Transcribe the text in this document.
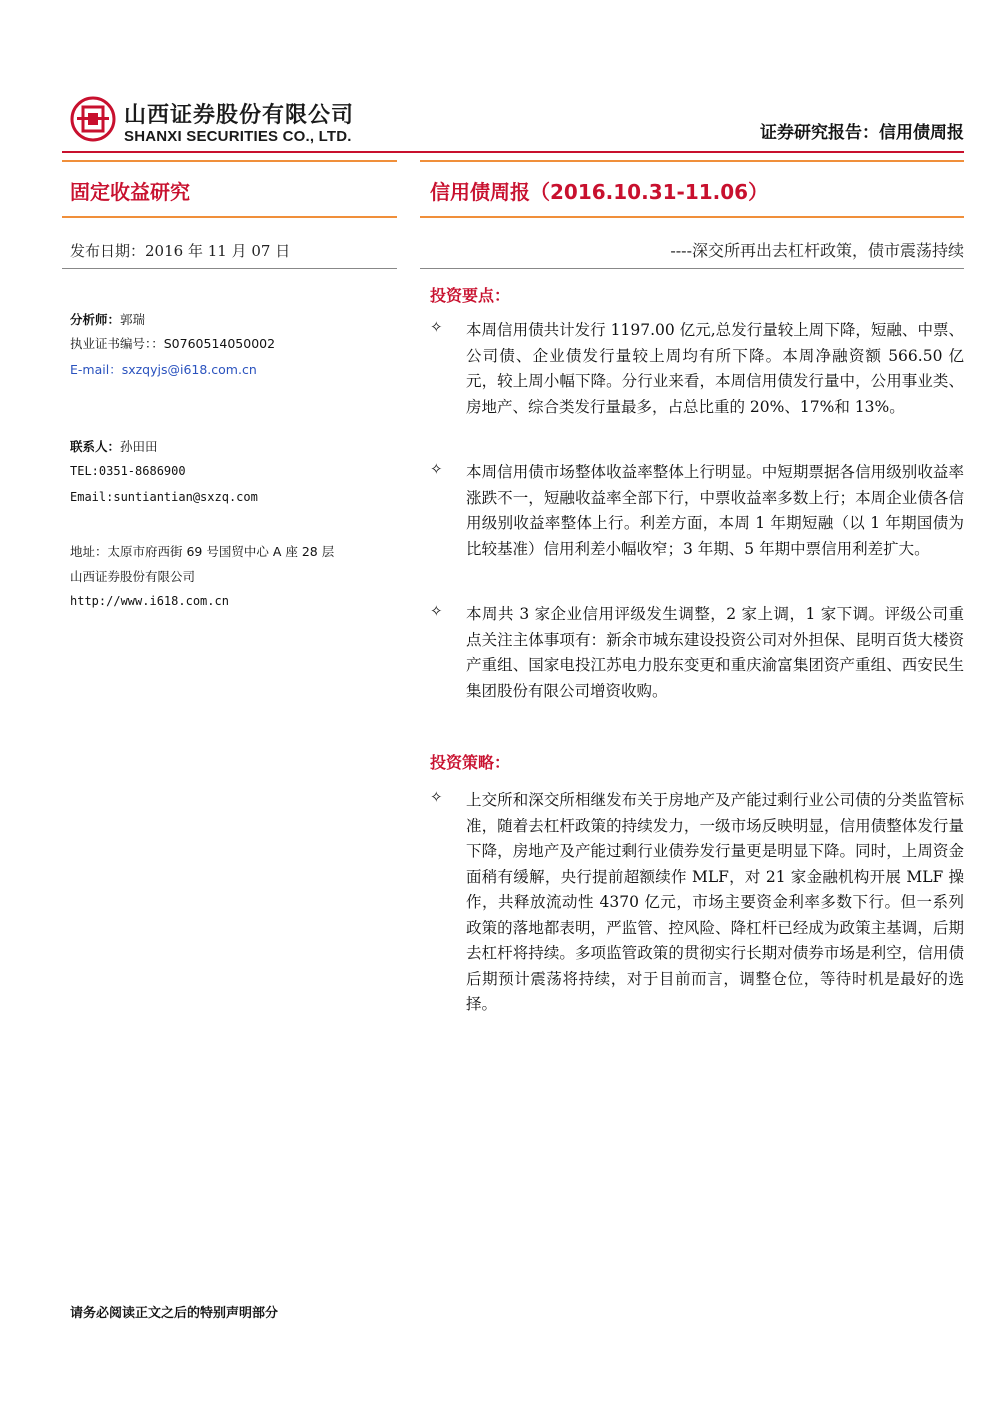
山西证券股份有限公司
SHANXI SECURITIES CO., LTD.	证券研究报告：信用债周报
固定收益研究	信用债周报（2016.10.31-11.06）
发布日期：2016 年 11 月 07 日	----深交所再出去杠杆政策，债市震荡持续
分析师：郭瑞
执业证书编号：：S0760514050002
E-mail：sxzqyjs@i618.com.cn
联系人：孙田田
TEL:0351-8686900
Email:suntiantian@sxzq.com
地址：太原市府西街 69 号国贸中心 A 座 28 层
山西证券股份有限公司
http://www.i618.com.cn
投资要点：
✧ 本周信用债共计发行 1197.00 亿元,总发行量较上周下降，短融、中票、公司债、企业债发行量较上周均有所下降。本周净融资额 566.50 亿元，较上周小幅下降。分行业来看，本周信用债发行量中，公用事业类、房地产、综合类发行量最多，占总比重的 20%、17%和 13%。
✧ 本周信用债市场整体收益率整体上行明显。中短期票据各信用级别收益率涨跌不一，短融收益率全部下行，中票收益率多数上行；本周企业债各信用级别收益率整体上行。利差方面，本周 1 年期短融（以 1 年期国债为比较基准）信用利差小幅收窄；3 年期、5 年期中票信用利差扩大。
✧ 本周共 3 家企业信用评级发生调整，2 家上调，1 家下调。评级公司重点关注主体事项有：新余市城东建设投资公司对外担保、昆明百货大楼资产重组、国家电投江苏电力股东变更和重庆渝富集团资产重组、西安民生集团股份有限公司增资收购。
投资策略：
✧ 上交所和深交所相继发布关于房地产及产能过剩行业公司债的分类监管标准，随着去杠杆政策的持续发力，一级市场反映明显，信用债整体发行量下降，房地产及产能过剩行业债券发行量更是明显下降。同时，上周资金面稍有缓解，央行提前超额续作 MLF，对 21 家金融机构开展 MLF 操作，共释放流动性 4370 亿元，市场主要资金利率多数下行。但一系列政策的落地都表明，严监管、控风险、降杠杆已经成为政策主基调，后期去杠杆将持续。多项监管政策的贯彻实行长期对债券市场是利空，信用债后期预计震荡将持续，对于目前而言，调整仓位，等待时机是最好的选择。
请务必阅读正文之后的特别声明部分
